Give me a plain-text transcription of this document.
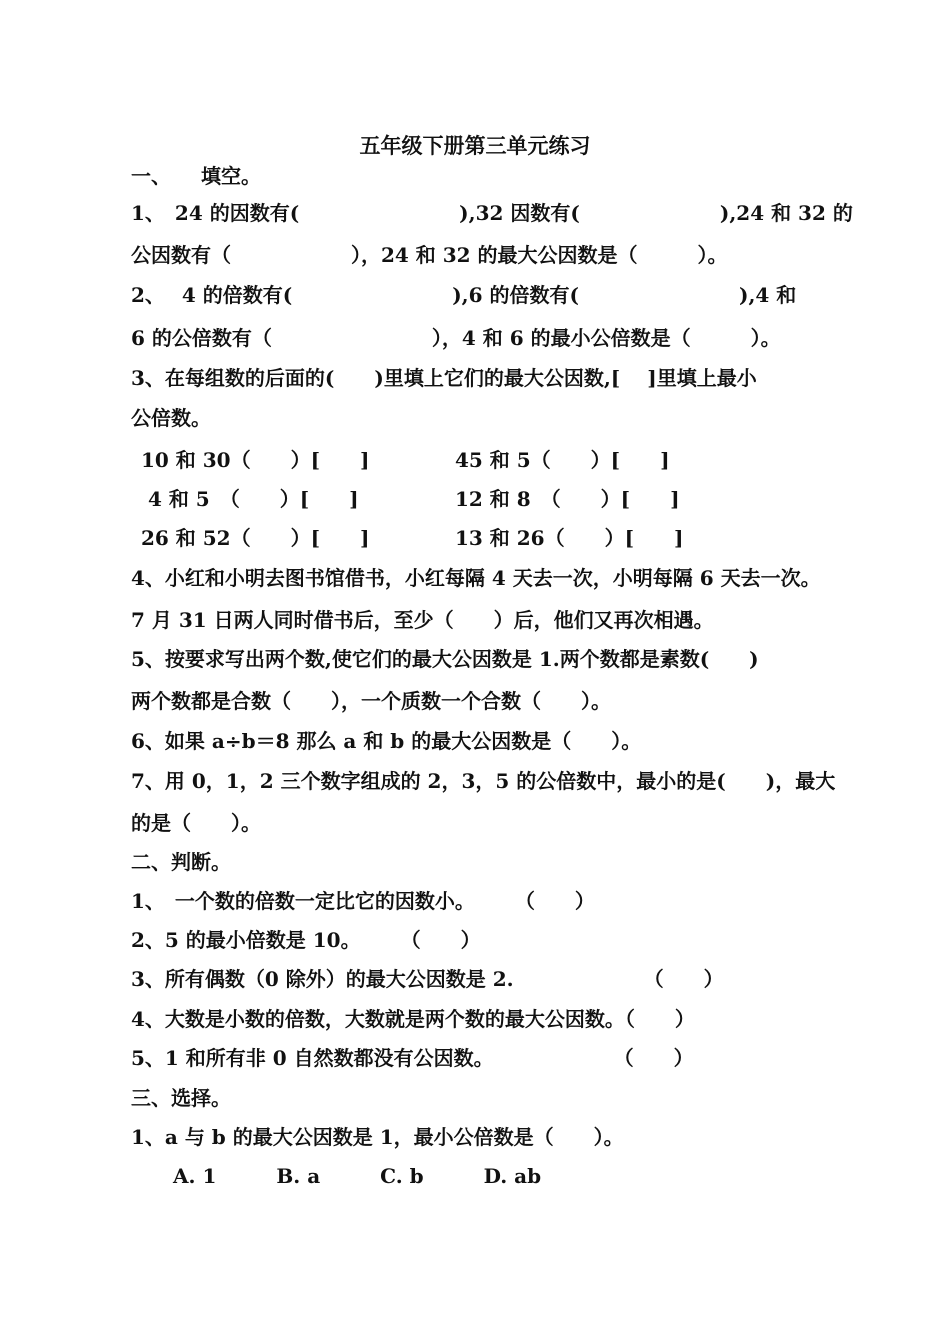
五年级下册第三单元练习
一、　　填空。
1、　24 的因数有(　　　　　　　　),32 因数有(　　　　　　　),24 和 32 的
公因数有（　　　　　　），24 和 32 的最大公因数是（　　　）。
2、　 4 的倍数有(　　　　　　　　),6 的倍数有(　　　　　　　　),4 和
6 的公倍数有（　　　　　　　　），4 和 6 的最小公倍数是（　　　）。
3、在每组数的后面的(　　)里填上它们的最大公因数,[　 ]里填上最小
公倍数。
10 和 30（　　）[　　]	45 和 5（　　）[　　]
4 和 5　（　　）[　　]	12 和 8　（　　）[　　]
26 和 52（　　）[　　]	13 和 26（　　）[　　]
4、小红和小明去图书馆借书，小红每隔 4 天去一次，小明每隔 6 天去一次。
7 月 31 日两人同时借书后，至少（　　）后，他们又再次相遇。
5、按要求写出两个数,使它们的最大公因数是 1.两个数都是素数(　　)
两个数都是合数（　　），一个质数一个合数（　　）。
6、如果 a÷b＝8 那么 a 和 b 的最大公因数是（　　）。
7、用 0，1，2 三个数字组成的 2，3，5 的公倍数中，最小的是(　　)，最大
的是（　　）。
二、判断。
1、　一个数的倍数一定比它的因数小。　　　（　　）
2、5 的最小倍数是 10。　　　（　　）
3、所有偶数（0 除外）的最大公因数是 2.　　　　　　　（　　）
4、大数是小数的倍数，大数就是两个数的最大公因数。（　　）
5、1 和所有非 0 自然数都没有公因数。　　　　　　　（　　）
三、选择。
1、a 与 b 的最大公因数是 1，最小公倍数是（　　）。
A. 1　　　B. a　　　C. b　　　D. ab
